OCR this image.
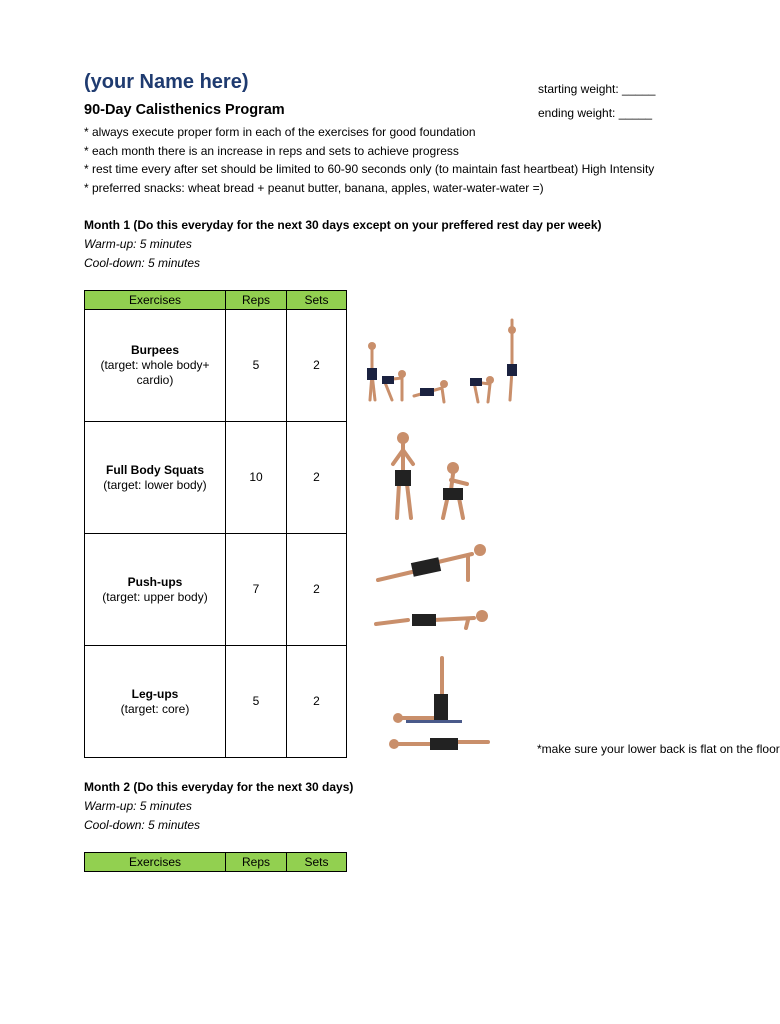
(your Name here)
90-Day Calisthenics Program
starting weight: _____
ending weight: _____
* always execute proper form in each of the exercises for good foundation
* each month there is an increase in reps and sets to achieve progress
* rest time every after set should be limited to 60-90 seconds only (to maintain fast heartbeat) High Intensity
* preferred snacks: wheat bread + peanut butter, banana, apples, water-water-water =)
Month 1 (Do this everyday for the next 30 days except on your preffered rest day per week)
Warm-up: 5 minutes
Cool-down: 5 minutes
Exercises	Reps	Sets
Burpees
(target: whole body+
cardio)	5	2
Full Body Squats
(target: lower body)	10	2
Push-ups
(target: upper body)	7	2
Leg-ups
(target: core)	5	2
*make sure your lower back is flat on the floor
Month 2 (Do this everyday for the next 30 days)
Warm-up: 5 minutes
Cool-down: 5 minutes
Exercises	Reps	Sets
